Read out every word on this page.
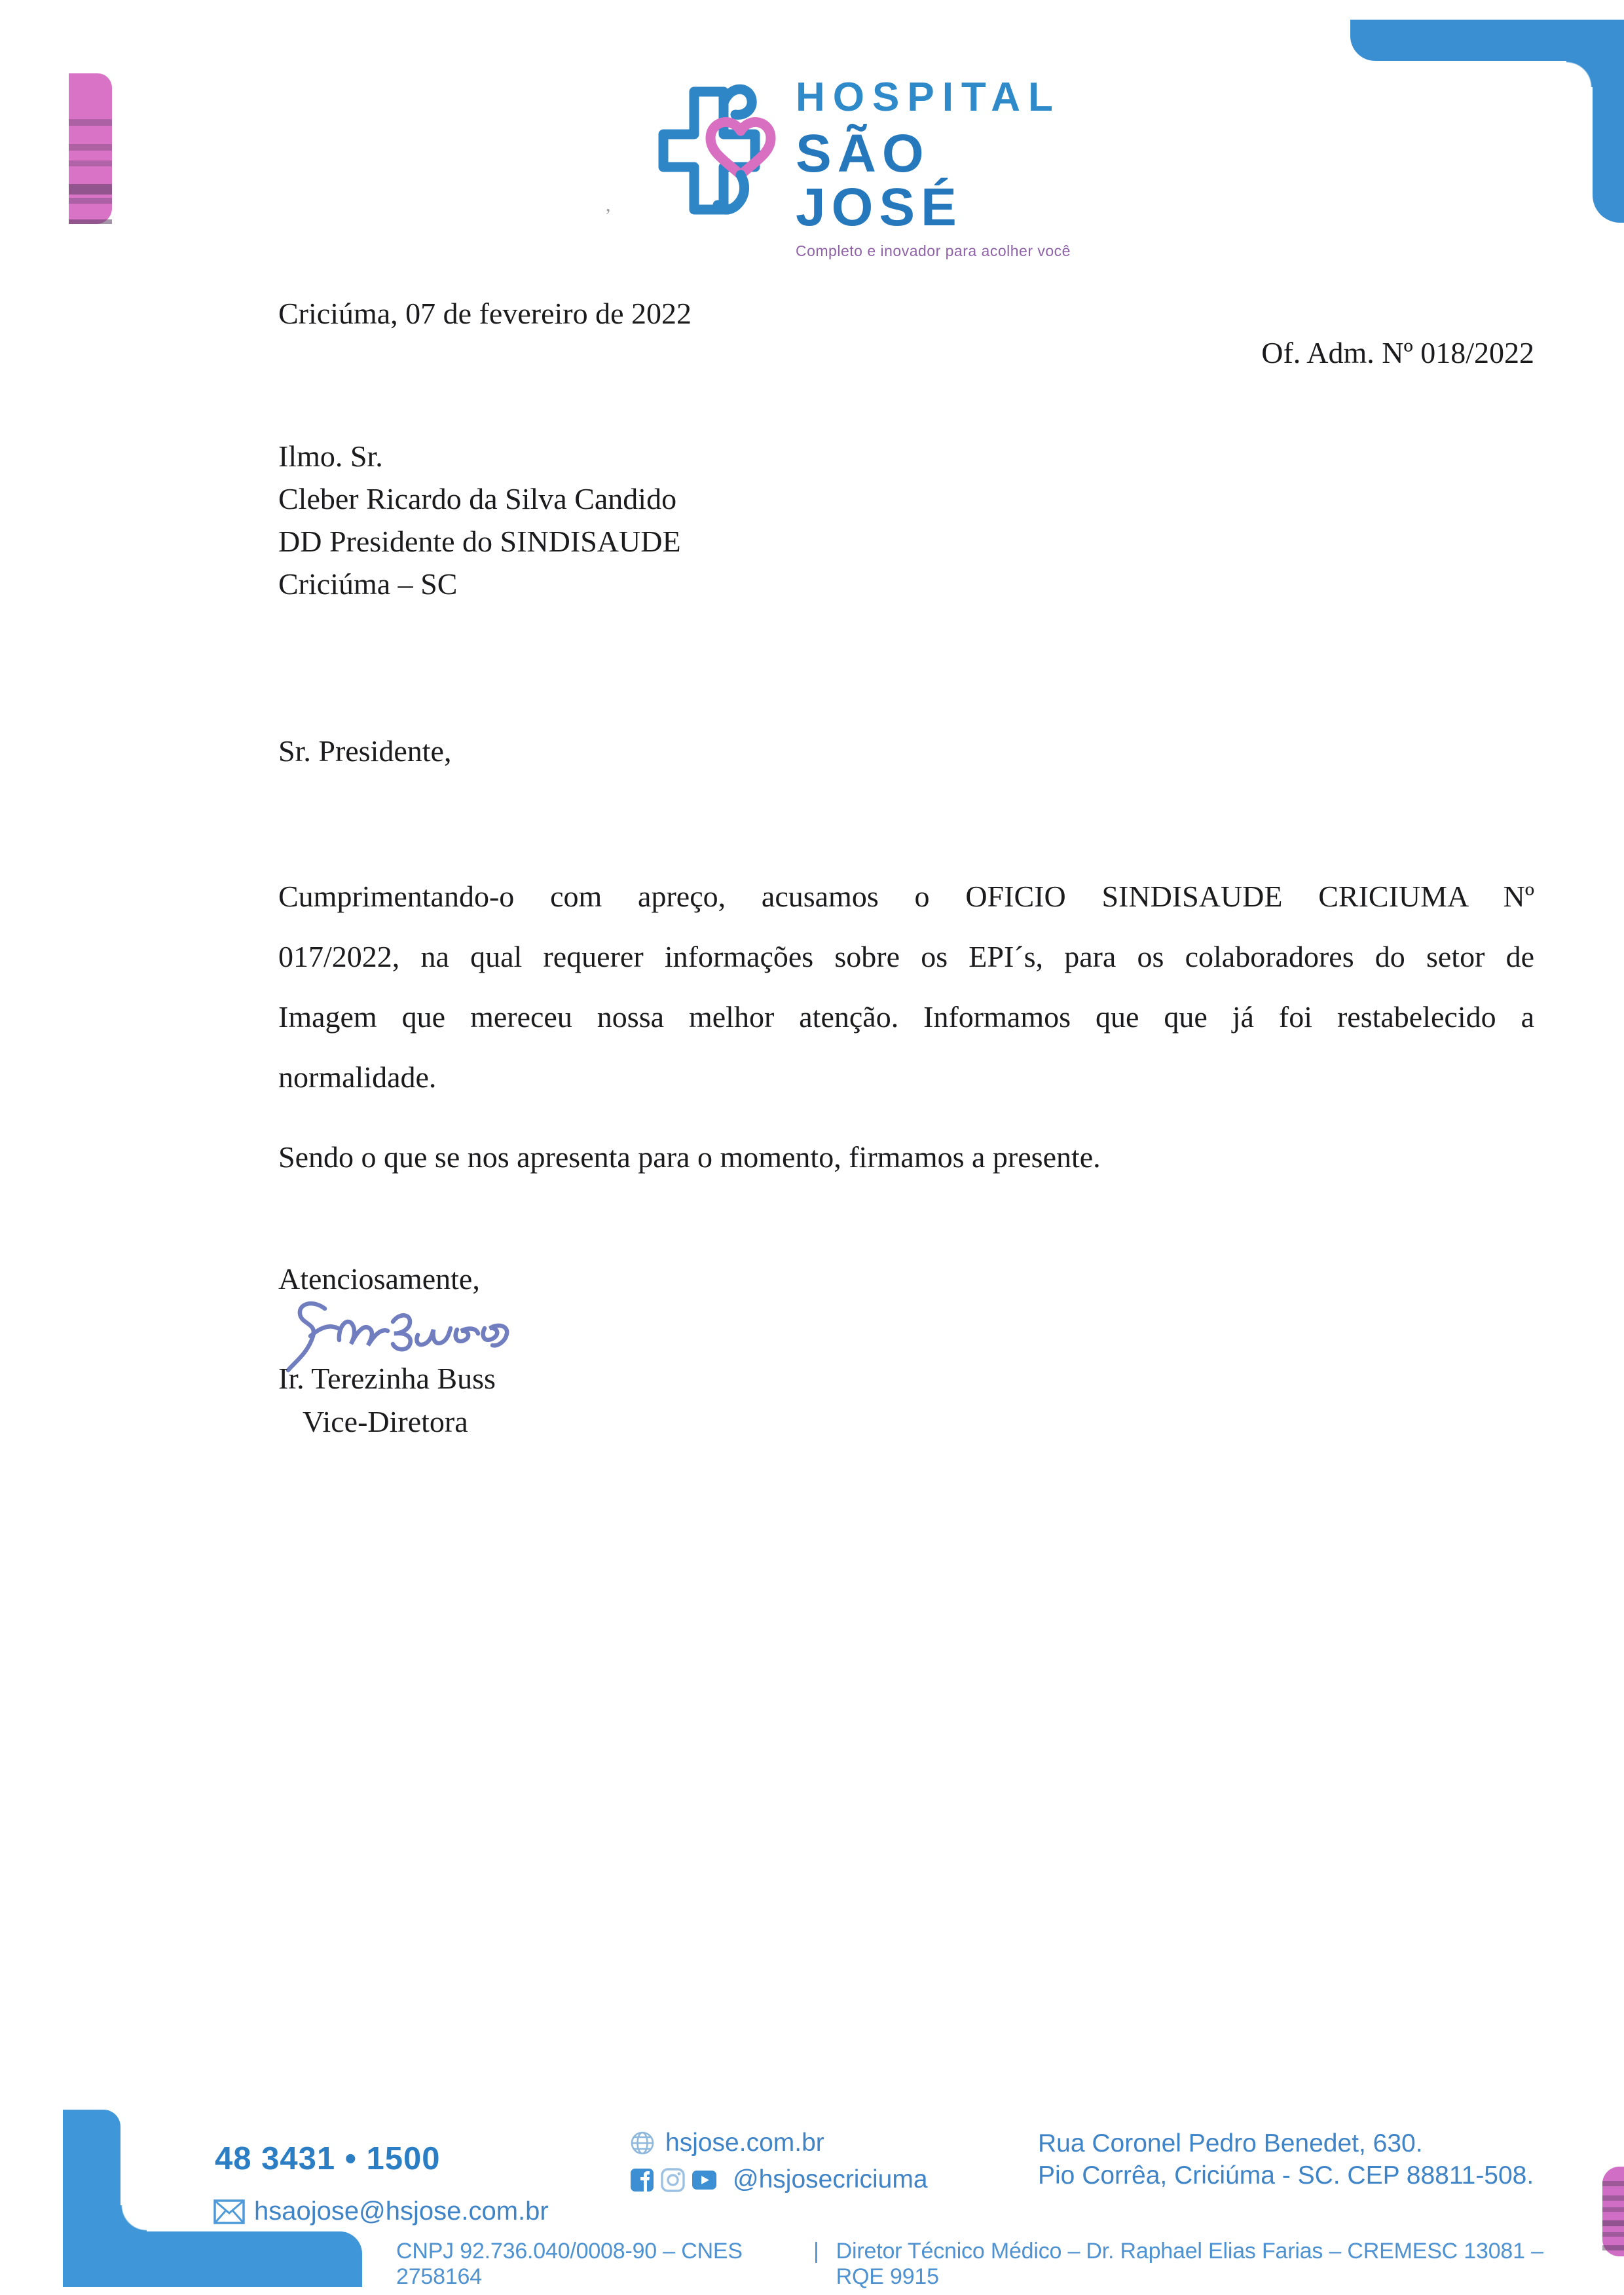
HOSPITAL
SÃO JOSÉ
Completo e inovador para acolher você
,
Criciúma, 07 de fevereiro de 2022
Of. Adm. Nº 018/2022
Ilmo. Sr.
Cleber Ricardo da Silva Candido
DD Presidente do SINDISAUDE
Criciúma – SC
Sr. Presidente,
Cumprimentando-o com apreço, acusamos o OFICIO SINDISAUDE CRICIUMA Nº
017/2022, na qual requerer informações sobre os EPI´s, para os colaboradores do setor de
Imagem que mereceu nossa melhor atenção. Informamos que que já foi restabelecido a
normalidade.
Sendo o que se nos apresenta para o momento, firmamos a presente.
Atenciosamente,
Ir. Terezinha Buss
Vice-Diretora
48 3431 • 1500
hsaojose@hsjose.com.br
hsjose.com.br
@hsjosecriciuma
Rua Coronel Pedro Benedet, 630.
Pio Corrêa, Criciúma - SC. CEP 88811-508.
CNPJ 92.736.040/0008-90 – CNES 2758164
| Diretor Técnico Médico – Dr. Raphael Elias Farias – CREMESC 13081 – RQE 9915
